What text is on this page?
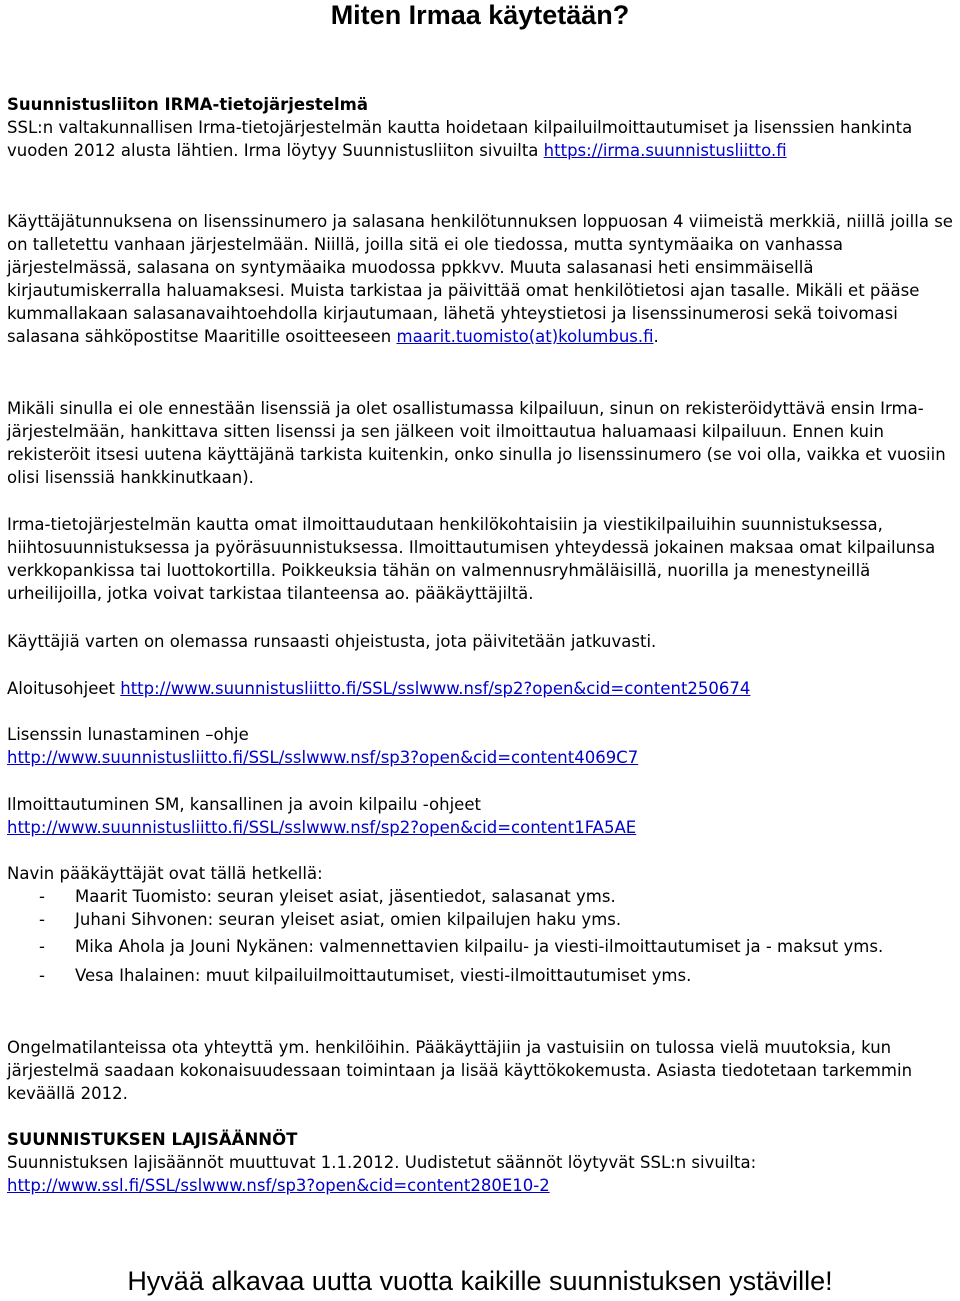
Miten Irmaa käytetään?

Suunnistusliiton IRMA-tietojärjestelmä

SSL:n valtakunnallisen Irma-tietojärjestelmän kautta hoidetaan kilpailuilmoittautumiset ja lisenssien hankinta vuoden 2012 alusta lähtien. Irma löytyy Suunnistusliiton sivuilta https://irma.suunnistusliitto.fi

Käyttäjätunnuksena on lisenssinumero ja salasana henkilötunnuksen loppuosan 4 viimeistä merkkiä, niillä joilla se on talletettu vanhaan järjestelmään. Niillä, joilla sitä ei ole tiedossa, mutta syntymäaika on vanhassa järjestelmässä, salasana on syntymäaika muodossa ppkkvv. Muuta salasanasi heti ensimmäisellä kirjautumiskerralla haluamaksesi. Muista tarkistaa ja päivittää omat henkilötietosi ajan tasalle. Mikäli et pääse kummallakaan salasanavaihtoehdolla kirjautumaan, lähetä yhteystietosi ja lisenssinumerosi sekä toivomasi salasana sähköpostitse Maaritille osoitteeseen maarit.tuomisto(at)kolumbus.fi.

Mikäli sinulla ei ole ennestään lisenssiä ja olet osallistumassa kilpailuun, sinun on rekisteröidyttävä ensin Irma-järjestelmään, hankittava sitten lisenssi ja sen jälkeen voit ilmoittautua haluamaasi kilpailuun. Ennen kuin rekisteröit itsesi uutena käyttäjänä tarkista kuitenkin, onko sinulla jo lisenssinumero (se voi olla, vaikka et vuosiin olisi lisenssiä hankkinutkaan).
Irma-tietojärjestelmän kautta omat ilmoittaudutaan henkilökohtaisiin ja viestikilpailuihin suunnistuksessa, hiihtosuunnistuksessa ja pyöräsuunnistuksessa. Ilmoittautumisen yhteydessä jokainen maksaa omat kilpailunsa verkkopankissa tai luottokortilla. Poikkeuksia tähän on valmennusryhmäläisillä, nuorilla ja menestyneillä urheilijoilla, jotka voivat tarkistaa tilanteensa ao. pääkäyttäjiltä.
Käyttäjiä varten on olemassa runsaasti ohjeistusta, jota päivitetään jatkuvasti.
Aloitusohjeet http://www.suunnistusliitto.fi/SSL/sslwww.nsf/sp2?open&cid=content250674

Lisenssin lunastaminen –ohje

http://www.suunnistusliitto.fi/SSL/sslwww.nsf/sp3?open&cid=content4069C7

Ilmoittautuminen SM, kansallinen ja avoin kilpailu -ohjeet

http://www.suunnistusliitto.fi/SSL/sslwww.nsf/sp2?open&cid=content1FA5AE

Navin pääkäyttäjät ovat tällä hetkellä:

- Maarit Tuomisto: seuran yleiset asiat, jäsentiedot, salasanat yms.
- Juhani Sihvonen: seuran yleiset asiat, omien kilpailujen haku yms.
- Mika Ahola ja Jouni Nykänen: valmennettavien kilpailu- ja viesti-ilmoittautumiset ja - maksut yms.
- Vesa Ihalainen: muut kilpailuilmoittautumiset, viesti-ilmoittautumiset yms.
Ongelmatilanteissa ota yhteyttä ym. henkilöihin. Pääkäyttäjiin ja vastuisiin on tulossa vielä muutoksia, kun järjestelmä saadaan kokonaisuudessaan toimintaan ja lisää käyttökokemusta. Asiasta tiedotetaan tarkemmin keväällä 2012.

SUUNNISTUKSEN LAJISÄÄNNÖT

Suunnistuksen lajisäännöt muuttuvat 1.1.2012. Uudistetut säännöt löytyvät SSL:n sivuilta:

http://www.ssl.fi/SSL/sslwww.nsf/sp3?open&cid=content280E10-2
Hyvää alkavaa uutta vuotta kaikille suunnistuksen ystäville!
